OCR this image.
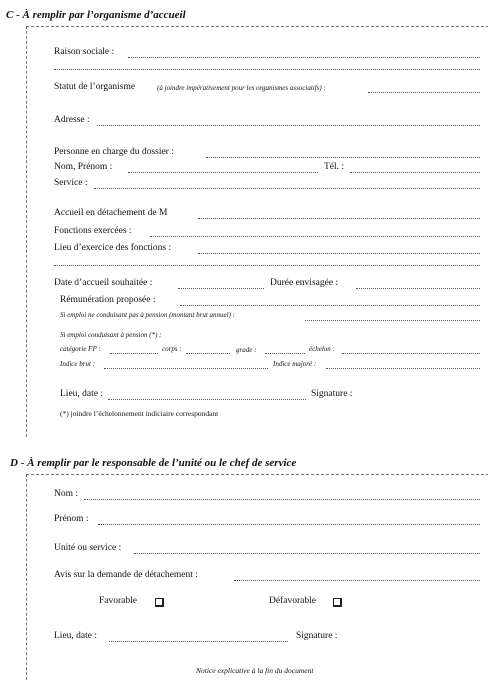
C - À remplir par l’organisme d’accueil
Raison sociale :
Statut de l’organisme	(à joindre impérativement pour les organismes associatifs) :
Adresse :
Personne en charge du dossier :
Nom, Prénom :	Tél. :
Service :
Accueil en détachement de M
Fonctions exercées :
Lieu d’exercice des fonctions :
Date d’accueil souhaitée :	Durée envisagée :
Rémunération proposée :
Si emploi ne conduisant pas à pension (montant brut annuel) :
Si emploi conduisant à pension (*) :
catégorie FP :	corps :	grade :	échelon :
Indice brut :	Indice majoré :
Lieu, date :	Signature :
(*) joindre l’échelonnement indiciaire correspondant
D - À remplir par le responsable de l’unité ou le chef de service
Nom :
Prénom :
Unité ou service :
Avis sur la demande de détachement :
Favorable	Défavorable
Lieu, date :	Signature :
Notice explicative à la fin du document
